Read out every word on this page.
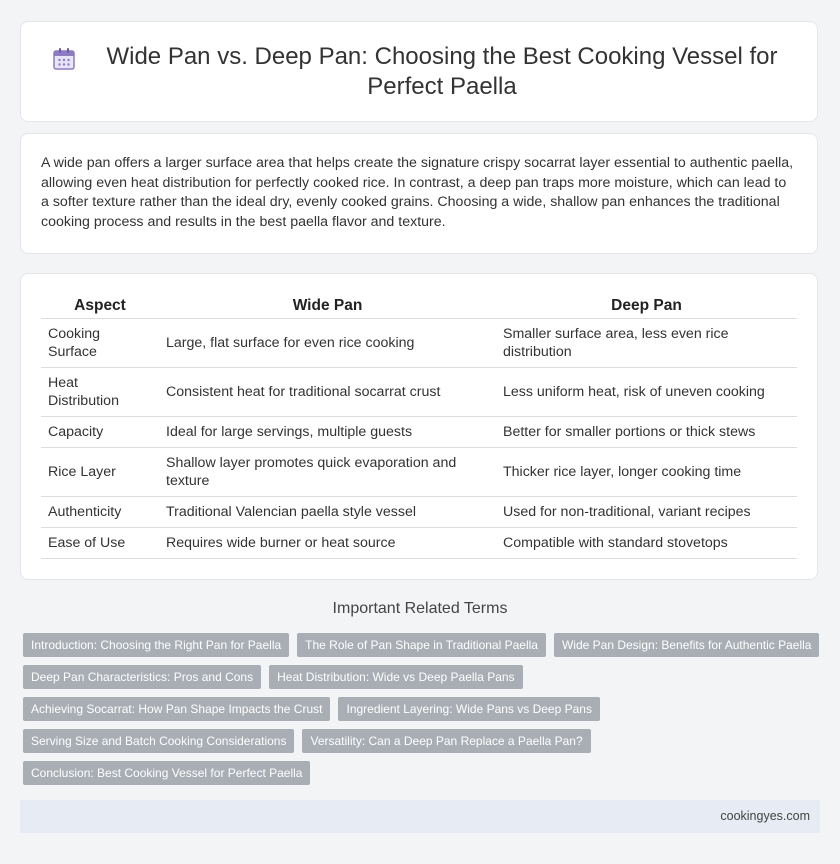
Wide Pan vs. Deep Pan: Choosing the Best Cooking Vessel for Perfect Paella

A wide pan offers a larger surface area that helps create the signature crispy socarrat layer essential to authentic paella, allowing even heat distribution for perfectly cooked rice. In contrast, a deep pan traps more moisture, which can lead to a softer texture rather than the ideal dry, evenly cooked grains. Choosing a wide, shallow pan enhances the traditional cooking process and results in the best paella flavor and texture.

Aspect	Wide Pan	Deep Pan
Cooking Surface	Large, flat surface for even rice cooking	Smaller surface area, less even rice distribution
Heat Distribution	Consistent heat for traditional socarrat crust	Less uniform heat, risk of uneven cooking
Capacity	Ideal for large servings, multiple guests	Better for smaller portions or thick stews
Rice Layer	Shallow layer promotes quick evaporation and texture	Thicker rice layer, longer cooking time
Authenticity	Traditional Valencian paella style vessel	Used for non-traditional, variant recipes
Ease of Use	Requires wide burner or heat source	Compatible with standard stovetops
Important Related Terms
Introduction: Choosing the Right Pan for Paella	The Role of Pan Shape in Traditional Paella	Wide Pan Design: Benefits for Authentic Paella
Deep Pan Characteristics: Pros and Cons	Heat Distribution: Wide vs Deep Paella Pans
Achieving Socarrat: How Pan Shape Impacts the Crust	Ingredient Layering: Wide Pans vs Deep Pans
Serving Size and Batch Cooking Considerations	Versatility: Can a Deep Pan Replace a Paella Pan?
Conclusion: Best Cooking Vessel for Perfect Paella
cookingyes.com
